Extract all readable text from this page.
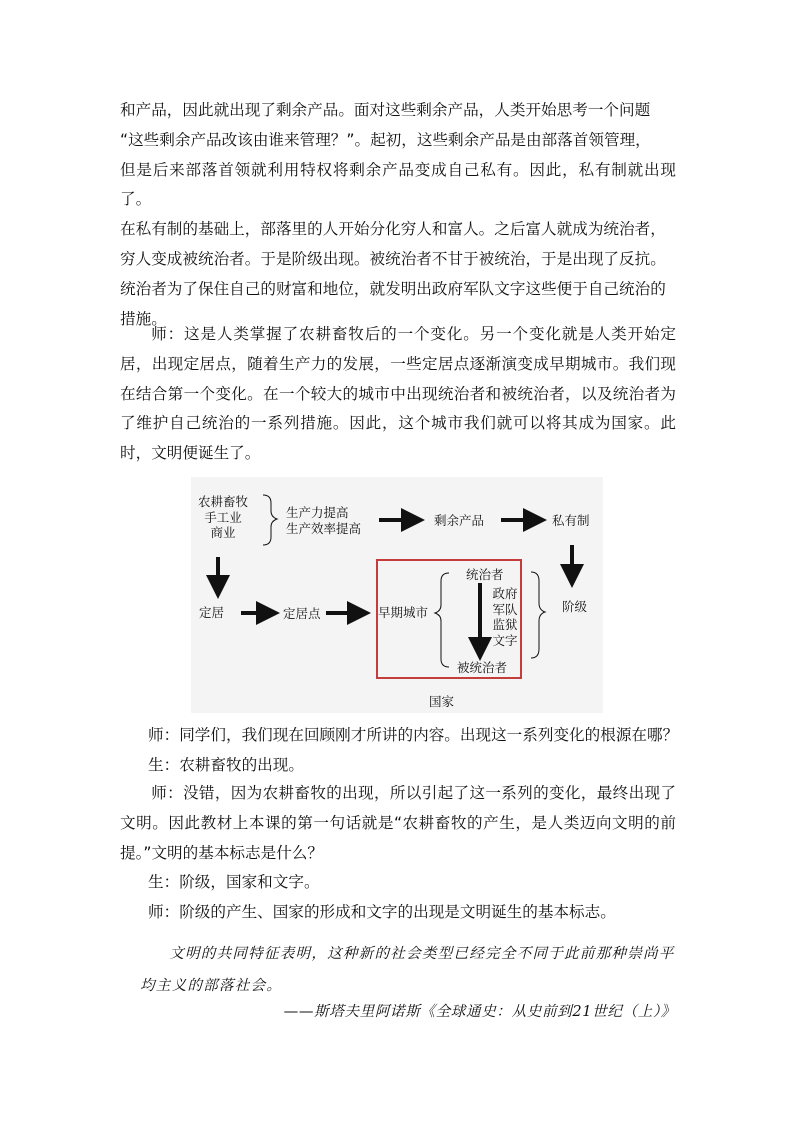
和产品，因此就出现了剩余产品。面对这些剩余产品，人类开始思考一个问题

“这些剩余产品改该由谁来管理？”。起初，这些剩余产品是由部落首领管理，

但是后来部落首领就利用特权将剩余产品变成自己私有。因此，私有制就出现了。

在私有制的基础上，部落里的人开始分化穷人和富人。之后富人就成为统治者，

穷人变成被统治者。于是阶级出现。被统治者不甘于被统治，于是出现了反抗。

统治者为了保住自己的财富和地位，就发明出政府军队文字这些便于自己统治的

措施。

师：这是人类掌握了农耕畜牧后的一个变化。另一个变化就是人类开始定居，出现定居点，随着生产力的发展，一些定居点逐渐演变成早期城市。我们现在结合第一个变化。在一个较大的城市中出现统治者和被统治者，以及统治者为了维护自己统治的一系列措施。因此，这个城市我们就可以将其成为国家。此时，文明便诞生了。

农耕畜牧
手工业
商业
生产力提高
生产效率提高
剩余产品	私有制
定居	定居点	早期城市
统治者
政府
军队
监狱
文字
被统治者
阶级
国家
师：同学们，我们现在回顾刚才所讲的内容。出现这一系列变化的根源在哪？
生：农耕畜牧的出现。

师：没错，因为农耕畜牧的出现，所以引起了这一系列的变化，最终出现了文明。因此教材上本课的第一句话就是“农耕畜牧的产生，是人类迈向文明的前提。”文明的基本标志是什么？

生：阶级，国家和文字。
师：阶级的产生、国家的形成和文字的出现是文明诞生的基本标志。

文明的共同特征表明，这种新的社会类型已经完全不同于此前那种崇尚平均主义的部落社会。

——斯塔夫里阿诺斯《全球通史：从史前到21世纪（上）》
